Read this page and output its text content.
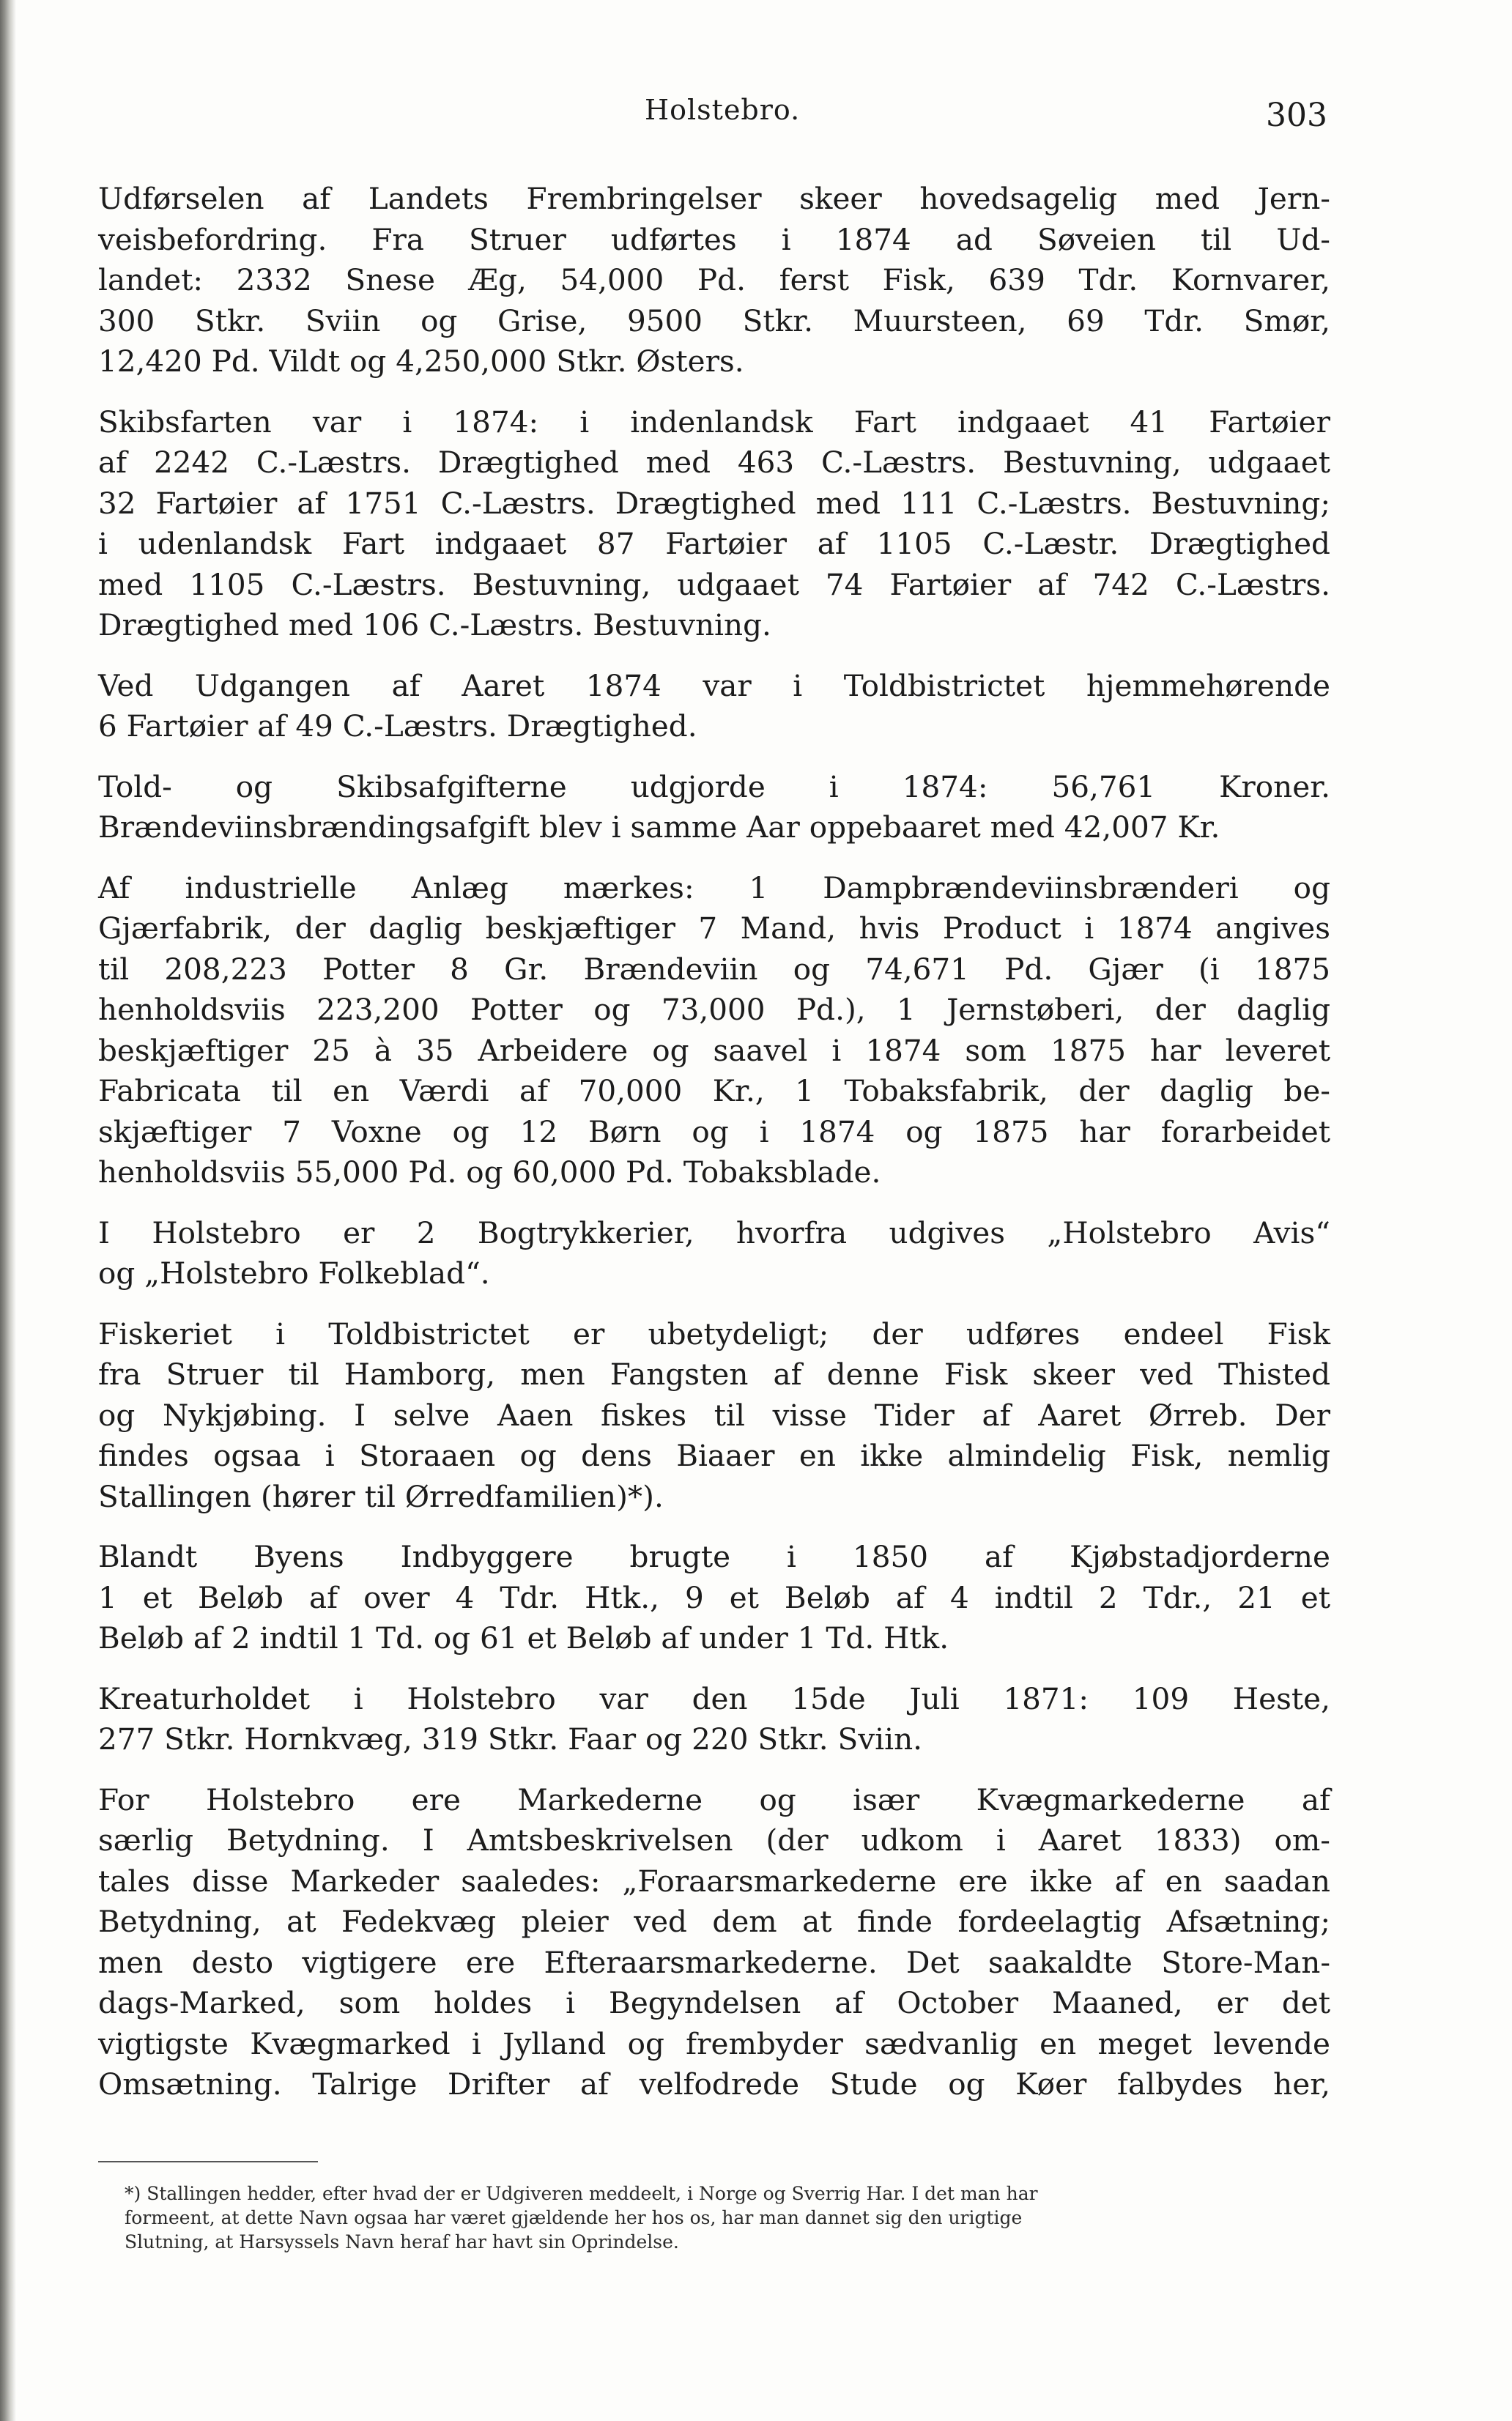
Holstebro.	303
Udførselen af Landets Frembringelser skeer hovedsagelig med Jern-
veisbefordring. Fra Struer udførtes i 1874 ad Søveien til Ud-
landet: 2332 Snese Æg, 54,000 Pd. ferst Fisk, 639 Tdr. Kornvarer,
300 Stkr. Sviin og Grise, 9500 Stkr. Muursteen, 69 Tdr. Smør,
12,420 Pd. Vildt og 4,250,000 Stkr. Østers.
Skibsfarten var i 1874: i indenlandsk Fart indgaaet 41 Fartøier
af 2242 C.-Læstrs. Drægtighed med 463 C.-Læstrs. Bestuvning, udgaaet
32 Fartøier af 1751 C.-Læstrs. Drægtighed med 111 C.-Læstrs. Bestuvning;
i udenlandsk Fart indgaaet 87 Fartøier af 1105 C.-Læstr. Drægtighed
med 1105 C.-Læstrs. Bestuvning, udgaaet 74 Fartøier af 742 C.-Læstrs.
Drægtighed med 106 C.-Læstrs. Bestuvning.
Ved Udgangen af Aaret 1874 var i Toldbistrictet hjemmehørende
6 Fartøier af 49 C.-Læstrs. Drægtighed.
Told- og Skibsafgifterne udgjorde i 1874: 56,761 Kroner.
Brændeviinsbrændingsafgift blev i samme Aar oppebaaret med 42,007 Kr.
Af industrielle Anlæg mærkes: 1 Dampbrændeviinsbrænderi og
Gjærfabrik, der daglig beskjæftiger 7 Mand, hvis Product i 1874 angives
til 208,223 Potter 8 Gr. Brændeviin og 74,671 Pd. Gjær (i 1875
henholdsviis 223,200 Potter og 73,000 Pd.), 1 Jernstøberi, der daglig
beskjæftiger 25 à 35 Arbeidere og saavel i 1874 som 1875 har leveret
Fabricata til en Værdi af 70,000 Kr., 1 Tobaksfabrik, der daglig be-
skjæftiger 7 Voxne og 12 Børn og i 1874 og 1875 har forarbeidet
henholdsviis 55,000 Pd. og 60,000 Pd. Tobaksblade.
I Holstebro er 2 Bogtrykkerier, hvorfra udgives „Holstebro Avis“
og „Holstebro Folkeblad“.
Fiskeriet i Toldbistrictet er ubetydeligt; der udføres endeel Fisk
fra Struer til Hamborg, men Fangsten af denne Fisk skeer ved Thisted
og Nykjøbing. I selve Aaen fiskes til visse Tider af Aaret Ørreb. Der
findes ogsaa i Storaaen og dens Biaaer en ikke almindelig Fisk, nemlig
Stallingen (hører til Ørredfamilien)*).
Blandt Byens Indbyggere brugte i 1850 af Kjøbstadjorderne
1 et Beløb af over 4 Tdr. Htk., 9 et Beløb af 4 indtil 2 Tdr., 21 et
Beløb af 2 indtil 1 Td. og 61 et Beløb af under 1 Td. Htk.
Kreaturholdet i Holstebro var den 15de Juli 1871: 109 Heste,
277 Stkr. Hornkvæg, 319 Stkr. Faar og 220 Stkr. Sviin.
For Holstebro ere Markederne og især Kvægmarkederne af
særlig Betydning. I Amtsbeskrivelsen (der udkom i Aaret 1833) om-
tales disse Markeder saaledes: „Foraarsmarkederne ere ikke af en saadan
Betydning, at Fedekvæg pleier ved dem at finde fordeelagtig Afsætning;
men desto vigtigere ere Efteraarsmarkederne. Det saakaldte Store-Man-
dags-Marked, som holdes i Begyndelsen af October Maaned, er det
vigtigste Kvægmarked i Jylland og frembyder sædvanlig en meget levende
Omsætning. Talrige Drifter af velfodrede Stude og Køer falbydes her,
*) Stallingen hedder, efter hvad der er Udgiveren meddeelt, i Norge og Sverrig Har. I det man har
formeent, at dette Navn ogsaa har været gjældende her hos os, har man dannet sig den urigtige
Slutning, at Harsyssels Navn heraf har havt sin Oprindelse.
